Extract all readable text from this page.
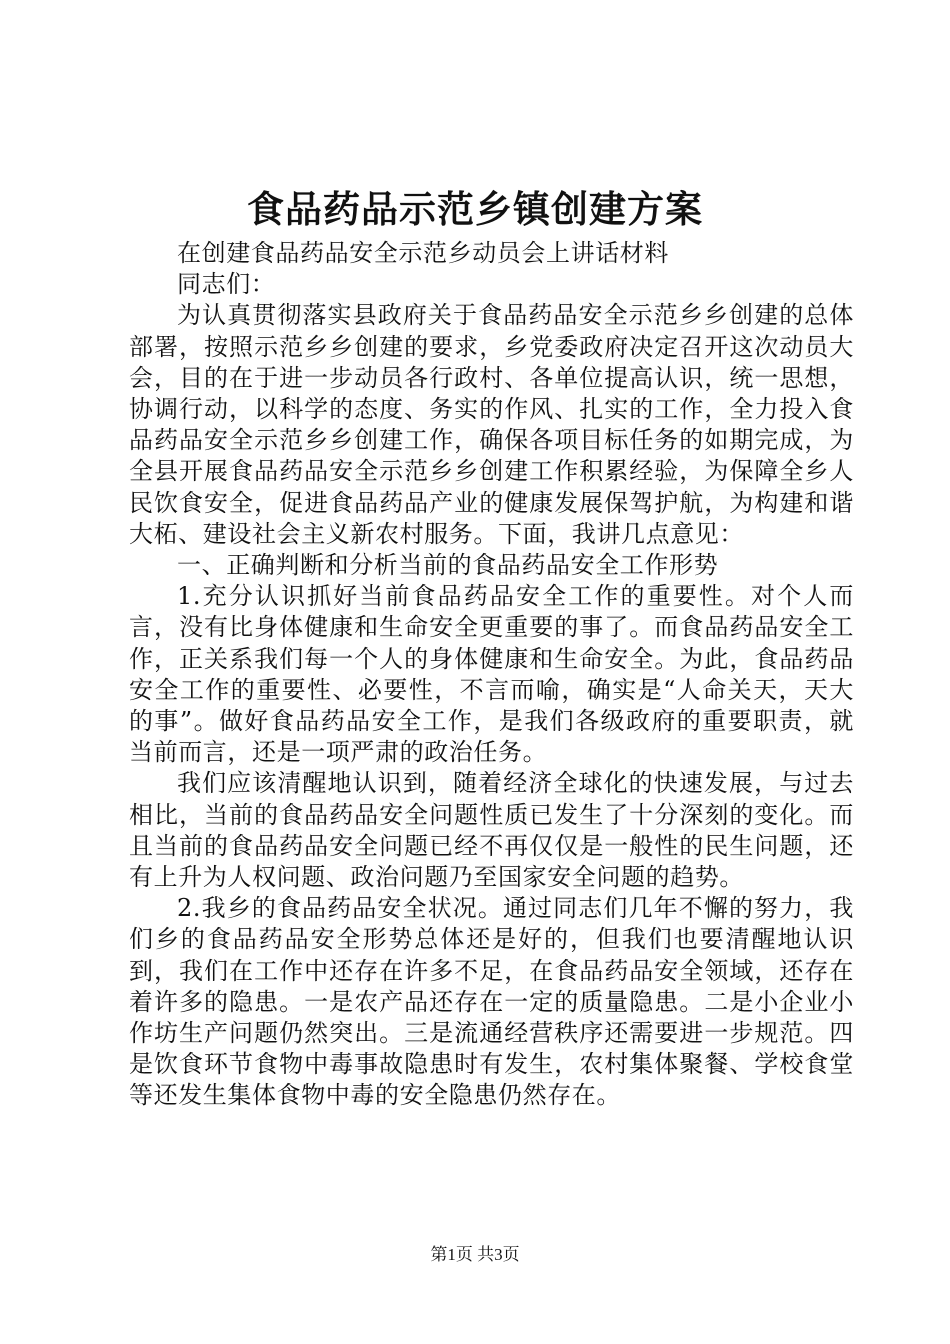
食品药品示范乡镇创建方案

在创建食品药品安全示范乡动员会上讲话材料

同志们：

为认真贯彻落实县政府关于食品药品安全示范乡乡创建的总体部署，按照示范乡乡创建的要求，乡党委政府决定召开这次动员大会，目的在于进一步动员各行政村、各单位提高认识，统一思想，协调行动，以科学的态度、务实的作风、扎实的工作，全力投入食品药品安全示范乡乡创建工作，确保各项目标任务的如期完成，为全县开展食品药品安全示范乡乡创建工作积累经验，为保障全乡人民饮食安全，促进食品药品产业的健康发展保驾护航，为构建和谐大柘、建设社会主义新农村服务。下面，我讲几点意见：

一、正确判断和分析当前的食品药品安全工作形势

1.充分认识抓好当前食品药品安全工作的重要性。对个人而言，没有比身体健康和生命安全更重要的事了。而食品药品安全工作，正关系我们每一个人的身体健康和生命安全。为此，食品药品安全工作的重要性、必要性，不言而喻，确实是“人命关天，天大的事”。做好食品药品安全工作，是我们各级政府的重要职责，就当前而言，还是一项严肃的政治任务。

我们应该清醒地认识到，随着经济全球化的快速发展，与过去相比，当前的食品药品安全问题性质已发生了十分深刻的变化。而且当前的食品药品安全问题已经不再仅仅是一般性的民生问题，还有上升为人权问题、政治问题乃至国家安全问题的趋势。

2.我乡的食品药品安全状况。通过同志们几年不懈的努力，我们乡的食品药品安全形势总体还是好的，但我们也要清醒地认识到，我们在工作中还存在许多不足，在食品药品安全领域，还存在着许多的隐患。一是农产品还存在一定的质量隐患。二是小企业小作坊生产问题仍然突出。三是流通经营秩序还需要进一步规范。四是饮食环节食物中毒事故隐患时有发生，农村集体聚餐、学校食堂等还发生集体食物中毒的安全隐患仍然存在。

第1页 共3页
